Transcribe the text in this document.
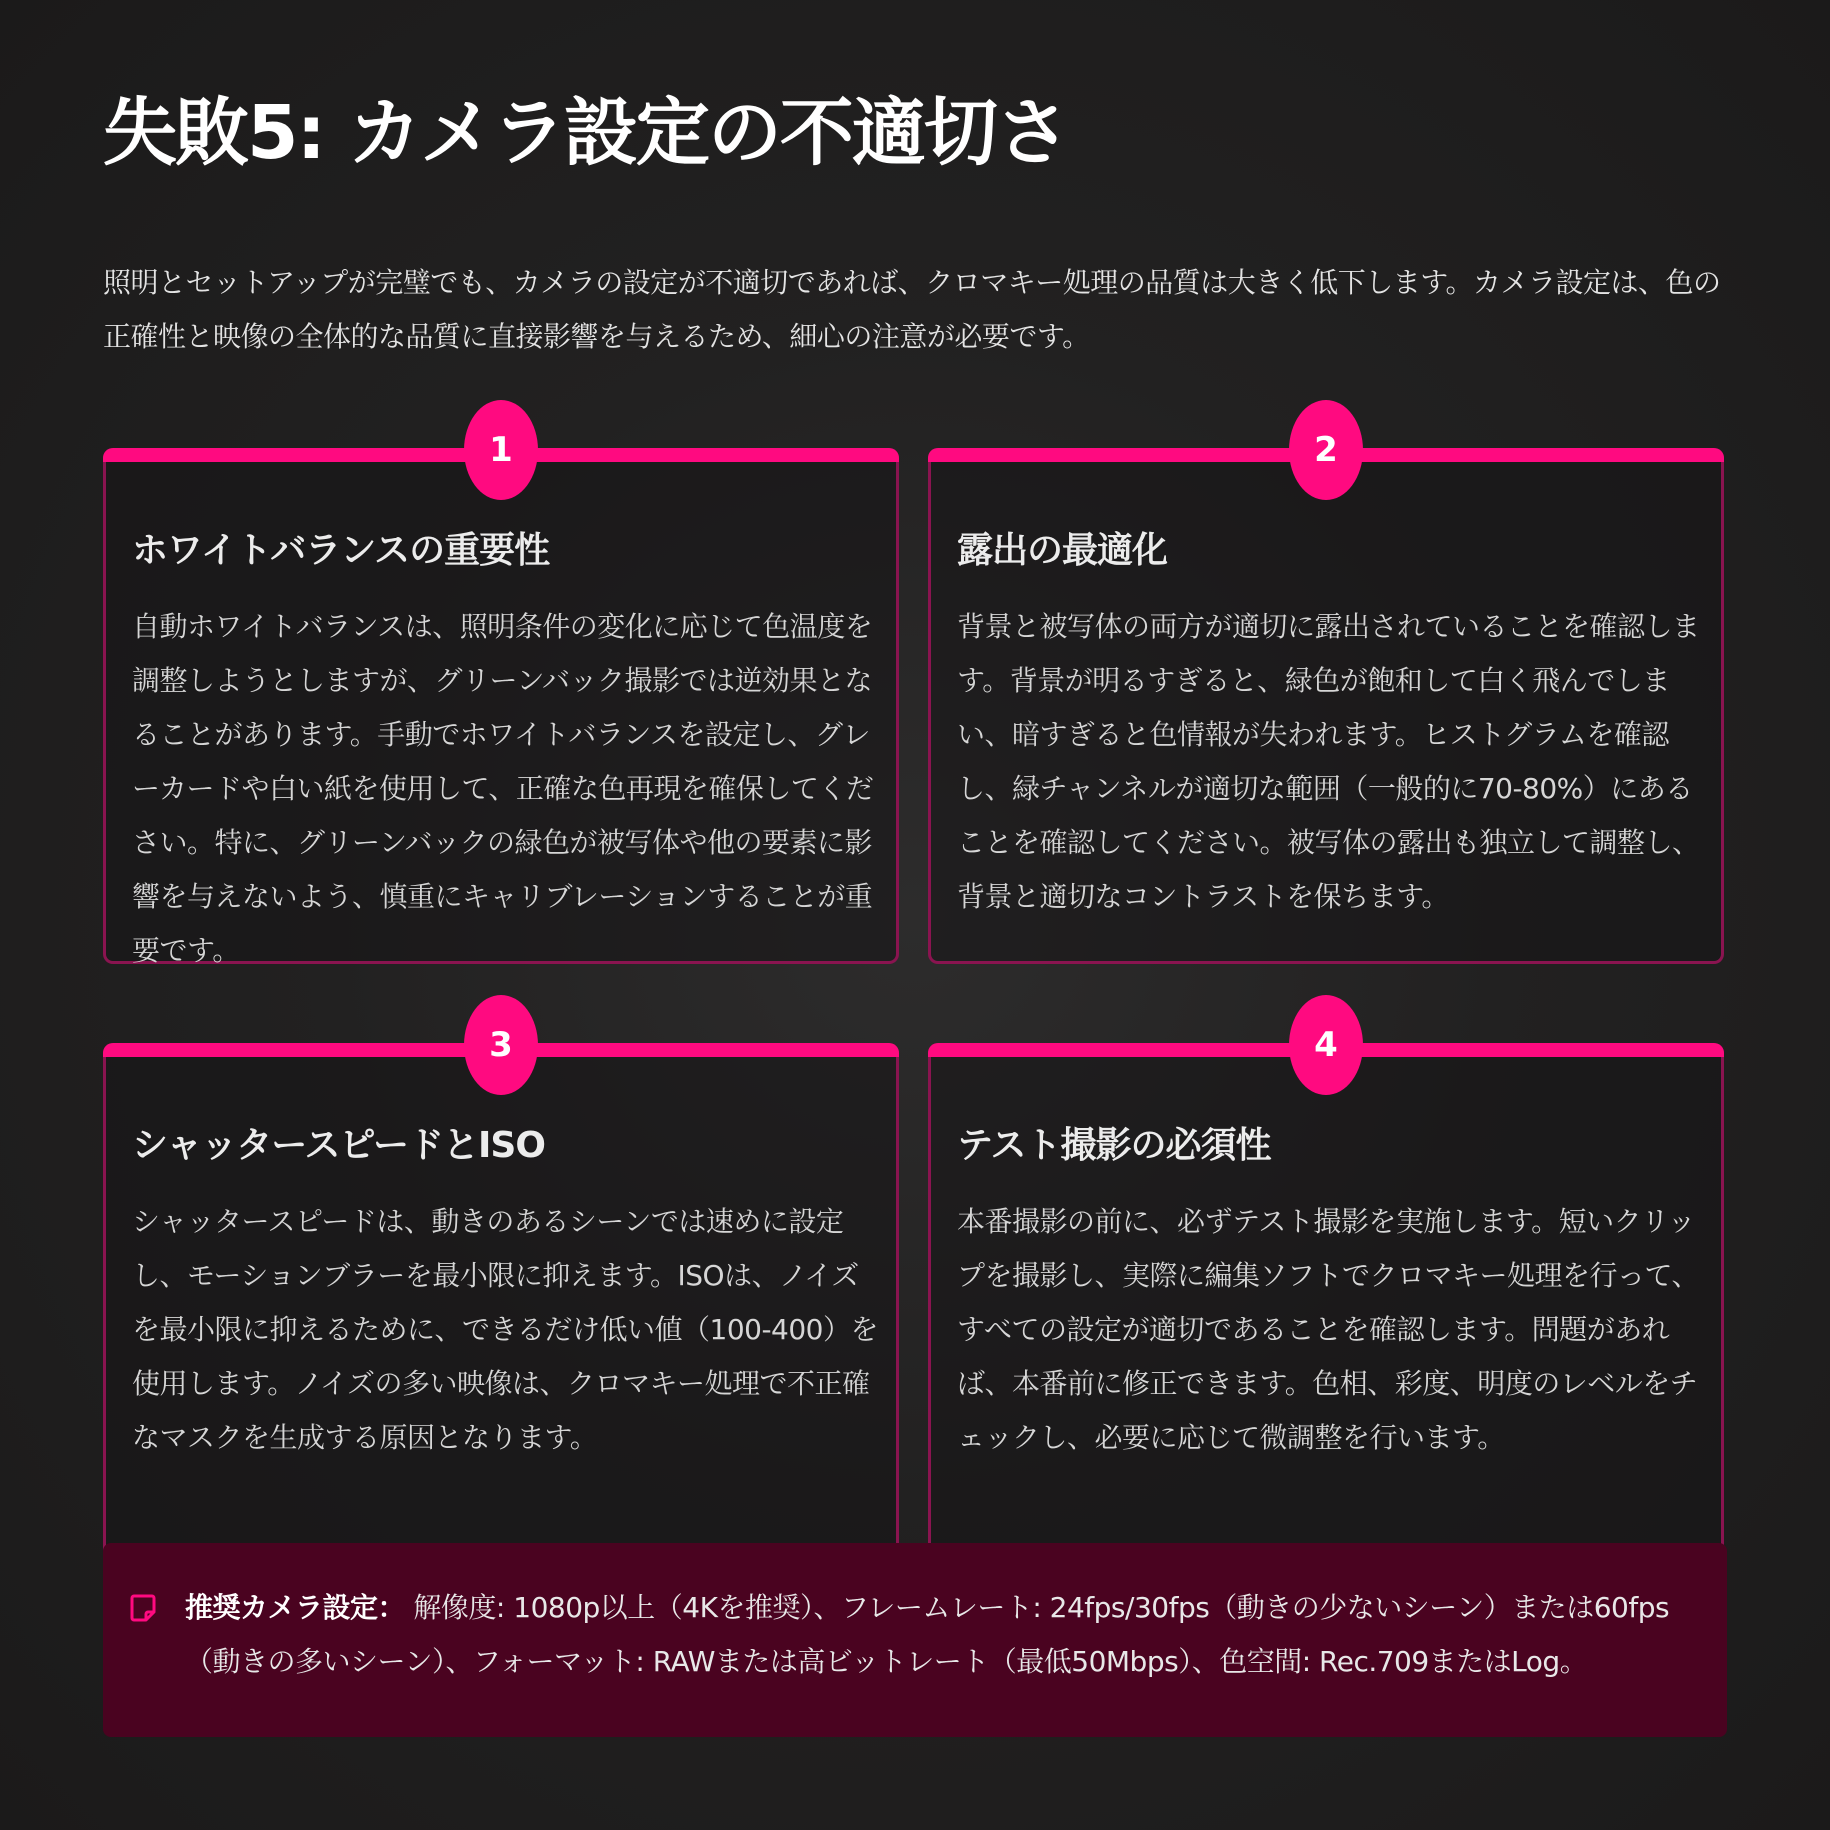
失敗5: カメラ設定の不適切さ

照明とセットアップが完璧でも、カメラの設定が不適切であれば、クロマキー処理の品質は大きく低下します。カメラ設定は、色の正確性と映像の全体的な品質に直接影響を与えるため、細心の注意が必要です。

1
ホワイトバランスの重要性

自動ホワイトバランスは、照明条件の変化に応じて色温度を調整しようとしますが、グリーンバック撮影では逆効果となることがあります。手動でホワイトバランスを設定し、グレーカードや白い紙を使用して、正確な色再現を確保してください。特に、グリーンバックの緑色が被写体や他の要素に影響を与えないよう、慎重にキャリブレーションすることが重要です。

2
露出の最適化

背景と被写体の両方が適切に露出されていることを確認します。背景が明るすぎると、緑色が飽和して白く飛んでしまい、暗すぎると色情報が失われます。ヒストグラムを確認し、緑チャンネルが適切な範囲（一般的に70-80%）にあることを確認してください。被写体の露出も独立して調整し、背景と適切なコントラストを保ちます。

3
シャッタースピードとISO

シャッタースピードは、動きのあるシーンでは速めに設定し、モーションブラーを最小限に抑えます。ISOは、ノイズを最小限に抑えるために、できるだけ低い値（100-400）を使用します。ノイズの多い映像は、クロマキー処理で不正確なマスクを生成する原因となります。

4
テスト撮影の必須性

本番撮影の前に、必ずテスト撮影を実施します。短いクリップを撮影し、実際に編集ソフトでクロマキー処理を行って、すべての設定が適切であることを確認します。問題があれば、本番前に修正できます。色相、彩度、明度のレベルをチェックし、必要に応じて微調整を行います。

推奨カメラ設定： 解像度: 1080p以上（4Kを推奨）、フレームレート: 24fps/30fps（動きの少ないシーン）または60fps（動きの多いシーン）、フォーマット: RAWまたは高ビットレート（最低50Mbps）、色空間: Rec.709またはLog。
